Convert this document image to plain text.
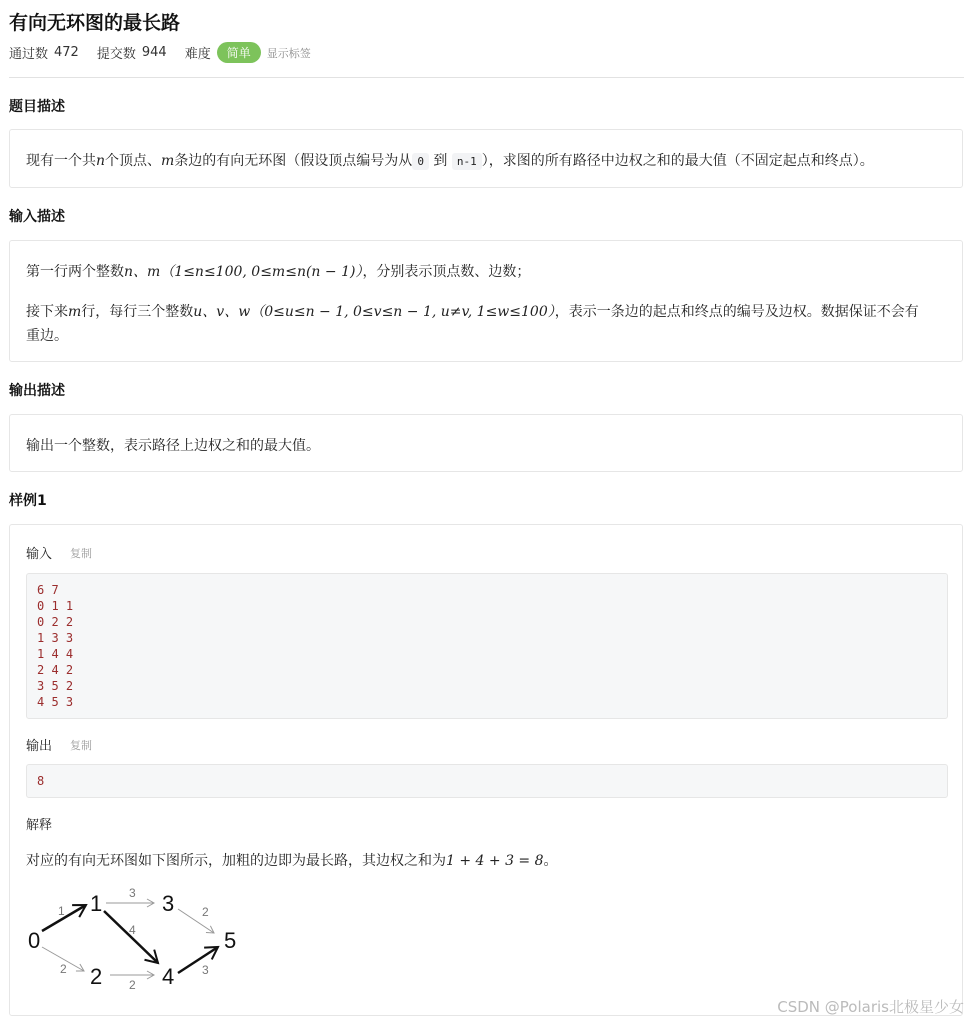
有向无环图的最长路
通过数 472 提交数 944 难度	简单	显示标签
题目描述
现有一个共n个顶点、m条边的有向无环图（假设顶点编号为从 0 到 n-1 ），求图的所有路径中边权之和的最大值（不固定起点和终点）。
输入描述
第一行两个整数n、m（1≤n≤100, 0≤m≤n(n − 1)），分别表示顶点数、边数；
接下来m行，每行三个整数u、v、w（0≤u≤n − 1, 0≤v≤n − 1, u≠v, 1≤w≤100），表示一条边的起点和终点的编号及边权。数据保证不会有
重边。
输出描述
输出一个整数，表示路径上边权之和的最大值。
样例1
输入 复制
6 7
0 1 1
0 2 2
1 3 3
1 4 4
2 4 2
3 5 2
4 5 3
输出 复制
8
解释
对应的有向无环图如下图所示，加粗的边即为最长路，其边权之和为1 + 4 + 3 = 8。
0
1
2
3
4
5
1
2
3
4
2
2
3
CSDN @Polaris北极星少女
